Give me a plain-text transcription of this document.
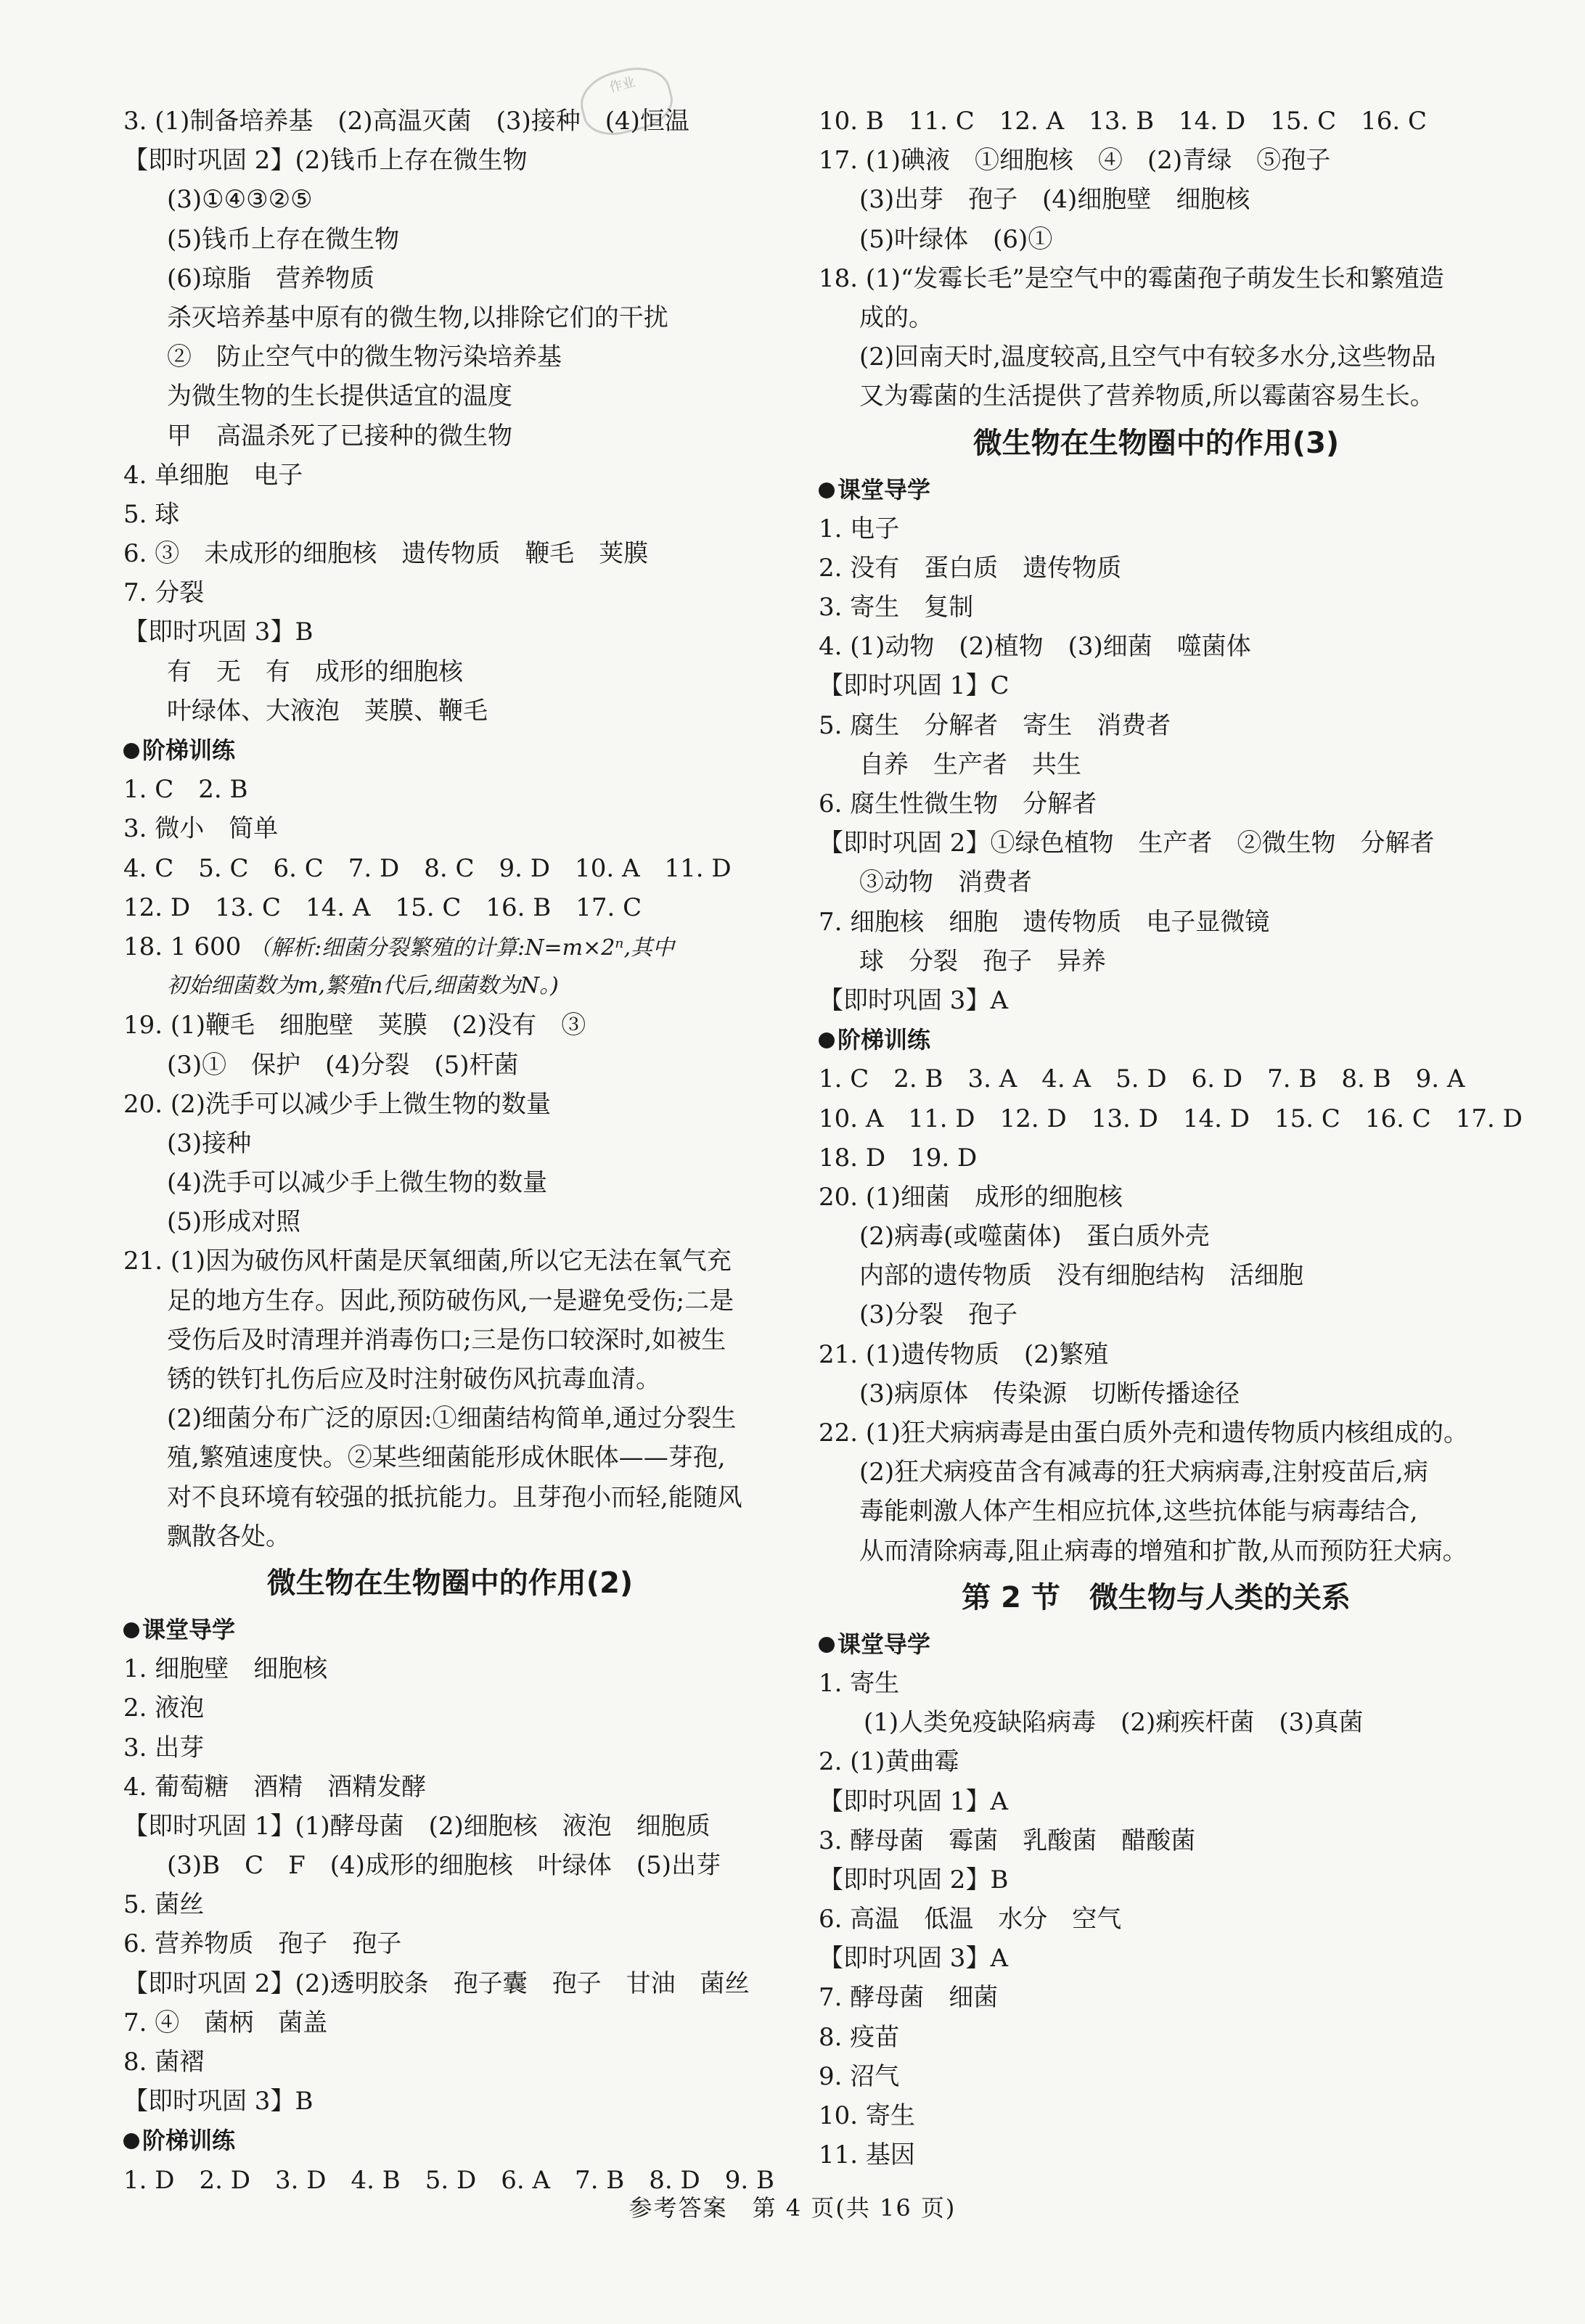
作业
3. (1)制备培养基　(2)高温灭菌　(3)接种　(4)恒温
【即时巩固 2】(2)钱币上存在微生物
(3)①④③②⑤
(5)钱币上存在微生物
(6)琼脂　营养物质
杀灭培养基中原有的微生物,以排除它们的干扰
②　防止空气中的微生物污染培养基
为微生物的生长提供适宜的温度
甲　高温杀死了已接种的微生物
4. 单细胞　电子
5. 球
6. ③　未成形的细胞核　遗传物质　鞭毛　荚膜
7. 分裂
【即时巩固 3】B
有　无　有　成形的细胞核
叶绿体、大液泡　荚膜、鞭毛
阶梯训练
1. C　2. B
3. 微小　简单
4. C　5. C　6. C　7. D　8. C　9. D　10. A　11. D
12. D　13. C　14. A　15. C　16. B　17. C
18. 1 600 （解析:细菌分裂繁殖的计算:N=m×2ⁿ,其中
初始细菌数为m,繁殖n代后,细菌数为N。)
19. (1)鞭毛　细胞壁　荚膜　(2)没有　③
(3)①　保护　(4)分裂　(5)杆菌
20. (2)洗手可以减少手上微生物的数量
(3)接种
(4)洗手可以减少手上微生物的数量
(5)形成对照
21. (1)因为破伤风杆菌是厌氧细菌,所以它无法在氧气充
足的地方生存。因此,预防破伤风,一是避免受伤;二是
受伤后及时清理并消毒伤口;三是伤口较深时,如被生
锈的铁钉扎伤后应及时注射破伤风抗毒血清。
(2)细菌分布广泛的原因:①细菌结构简单,通过分裂生
殖,繁殖速度快。②某些细菌能形成休眠体——芽孢,
对不良环境有较强的抵抗能力。且芽孢小而轻,能随风
飘散各处。
微生物在生物圈中的作用(2)
课堂导学
1. 细胞壁　细胞核
2. 液泡
3. 出芽
4. 葡萄糖　酒精　酒精发酵
【即时巩固 1】(1)酵母菌　(2)细胞核　液泡　细胞质
(3)B　C　F　(4)成形的细胞核　叶绿体　(5)出芽
5. 菌丝
6. 营养物质　孢子　孢子
【即时巩固 2】(2)透明胶条　孢子囊　孢子　甘油　菌丝
7. ④　菌柄　菌盖
8. 菌褶
【即时巩固 3】B
阶梯训练
1. D　2. D　3. D　4. B　5. D　6. A　7. B　8. D　9. B
10. B　11. C　12. A　13. B　14. D　15. C　16. C
17. (1)碘液　①细胞核　④　(2)青绿　⑤孢子
(3)出芽　孢子　(4)细胞壁　细胞核
(5)叶绿体　(6)①
18. (1)“发霉长毛”是空气中的霉菌孢子萌发生长和繁殖造
成的。
(2)回南天时,温度较高,且空气中有较多水分,这些物品
又为霉菌的生活提供了营养物质,所以霉菌容易生长。
微生物在生物圈中的作用(3)
课堂导学
1. 电子
2. 没有　蛋白质　遗传物质
3. 寄生　复制
4. (1)动物　(2)植物　(3)细菌　噬菌体
【即时巩固 1】C
5. 腐生　分解者　寄生　消费者
自养　生产者　共生
6. 腐生性微生物　分解者
【即时巩固 2】①绿色植物　生产者　②微生物　分解者
③动物　消费者
7. 细胞核　细胞　遗传物质　电子显微镜
球　分裂　孢子　异养
【即时巩固 3】A
阶梯训练
1. C　2. B　3. A　4. A　5. D　6. D　7. B　8. B　9. A
10. A　11. D　12. D　13. D　14. D　15. C　16. C　17. D
18. D　19. D
20. (1)细菌　成形的细胞核
(2)病毒(或噬菌体)　蛋白质外壳
内部的遗传物质　没有细胞结构　活细胞
(3)分裂　孢子
21. (1)遗传物质　(2)繁殖
(3)病原体　传染源　切断传播途径
22. (1)狂犬病病毒是由蛋白质外壳和遗传物质内核组成的。
(2)狂犬病疫苗含有减毒的狂犬病病毒,注射疫苗后,病
毒能刺激人体产生相应抗体,这些抗体能与病毒结合,
从而清除病毒,阻止病毒的增殖和扩散,从而预防狂犬病。
第 2 节　微生物与人类的关系
课堂导学
1. 寄生
(1)人类免疫缺陷病毒　(2)痢疾杆菌　(3)真菌
2. (1)黄曲霉
【即时巩固 1】A
3. 酵母菌　霉菌　乳酸菌　醋酸菌
【即时巩固 2】B
6. 高温　低温　水分　空气
【即时巩固 3】A
7. 酵母菌　细菌
8. 疫苗
9. 沼气
10. 寄生
11. 基因
参考答案　第 4 页(共 16 页)
